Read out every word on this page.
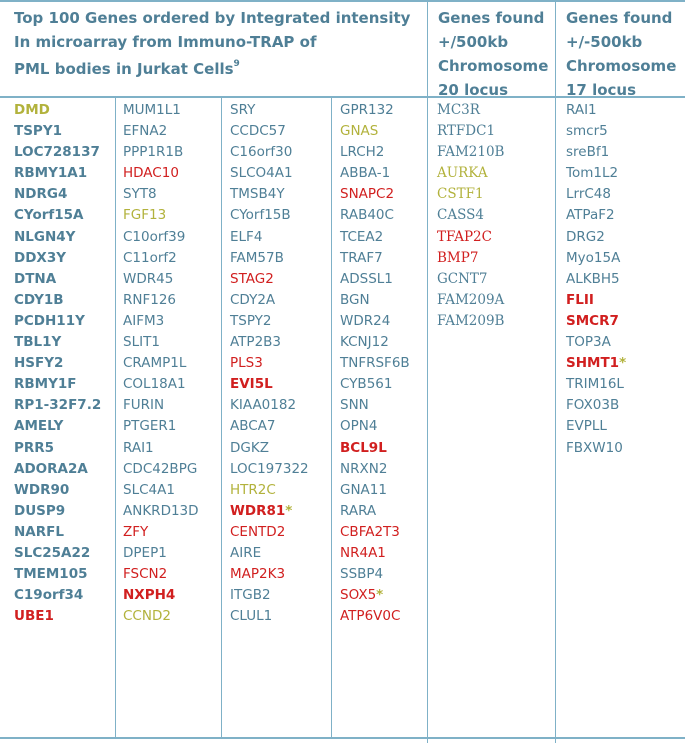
Top 100 Genes ordered by Integrated intensity
In microarray from Immuno-TRAP of
PML bodies in Jurkat Cells$^9$
Genes found
+/500kb
Chromosome
20 locus
Genes found
+/-500kb
Chromosome
17 locus
DMD
TSPY1
LOC728137
RBMY1A1
NDRG4
CYorf15A
NLGN4Y
DDX3Y
DTNA
CDY1B
PCDH11Y
TBL1Y
HSFY2
RBMY1F
RP1-32F7.2
AMELY
PRR5
ADORA2A
WDR90
DUSP9
NARFL
SLC25A22
TMEM105
C19orf34
UBE1
MUM1L1
EFNA2
PPP1R1B
HDAC10
SYT8
FGF13
C10orf39
C11orf2
WDR45
RNF126
AIFM3
SLIT1
CRAMP1L
COL18A1
FURIN
PTGER1
RAI1
CDC42BPG
SLC4A1
ANKRD13D
ZFY
DPEP1
FSCN2
NXPH4
CCND2
SRY
CCDC57
C16orf30
SLCO4A1
TMSB4Y
CYorf15B
ELF4
FAM57B
STAG2
CDY2A
TSPY2
ATP2B3
PLS3
EVI5L
KIAA0182
ABCA7
DGKZ
LOC197322
HTR2C
WDR81*
CENTD2
AIRE
MAP2K3
ITGB2
CLUL1
GPR132
GNAS
LRCH2
ABBA-1
SNAPC2
RAB40C
TCEA2
TRAF7
ADSSL1
BGN
WDR24
KCNJ12
TNFRSF6B
CYB561
SNN
OPN4
BCL9L
NRXN2
GNA11
RARA
CBFA2T3
NR4A1
SSBP4
SOX5*
ATP6V0C
MC3R
RTFDC1
FAM210B
AURKA
CSTF1
CASS4
TFAP2C
BMP7
GCNT7
FAM209A
FAM209B
RAI1
smcr5
sreBf1
Tom1L2
LrrC48
ATPaF2
DRG2
Myo15A
ALKBH5
FLII
SMCR7
TOP3A
SHMT1*
TRIM16L
FOX03B
EVPLL
FBXW10
